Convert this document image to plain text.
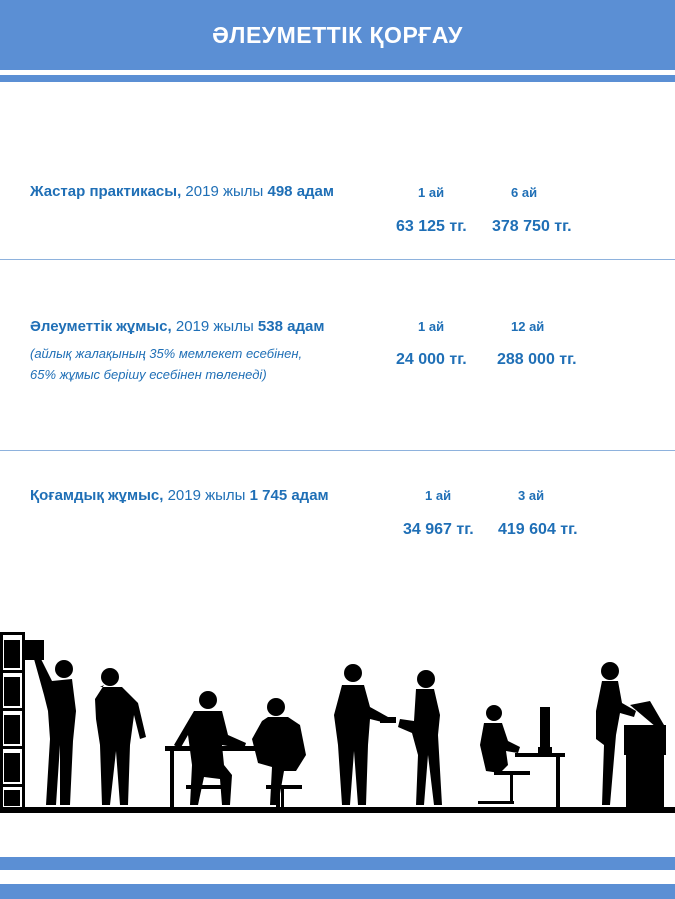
ӘЛЕУМЕТТІК ҚОРҒАУ
Жастар практикасы, 2019 жылы 498 адам	1 ай	6 ай
63 125 тг. 378 750 тг.
Әлеуметтік жұмыс, 2019 жылы 538 адам
(айлық жалақының 35% мемлекет есебінен,
65% жұмыс берішу есебінен төленеді)
1 ай	12 ай
24 000 тг. 288 000 тг.
Қоғамдық жұмыс, 2019 жылы 1 745 адам	1 ай	3 ай
34 967 тг. 419 604 тг.
